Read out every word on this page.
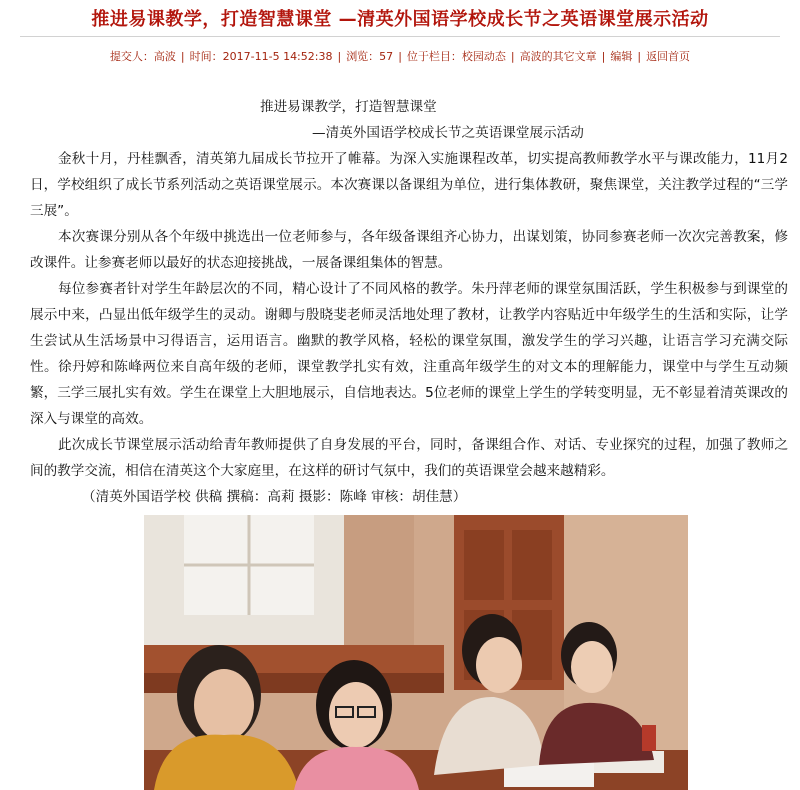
推进易课教学，打造智慧课堂 —清英外国语学校成长节之英语课堂展示活动
提交人：高波 | 时间：2017-11-5 14:52:38 | 浏览：57 | 位于栏目：校园动态 | 高波的其它文章 | 编辑 | 返回首页

推进易课教学，打造智慧课堂

—清英外国语学校成长节之英语课堂展示活动

金秋十月，丹桂飘香，清英第九届成长节拉开了帷幕。为深入实施课程改革，切实提高教师教学水平与课改能力，11月2日，学校组织了成长节系列活动之英语课堂展示。本次赛课以备课组为单位，进行集体教研，聚焦课堂，关注教学过程的“三学三展”。

本次赛课分别从各个年级中挑选出一位老师参与，各年级备课组齐心协力，出谋划策，协同参赛老师一次次完善教案，修改课件。让参赛老师以最好的状态迎接挑战，一展备课组集体的智慧。

每位参赛者针对学生年龄层次的不同，精心设计了不同风格的教学。朱丹萍老师的课堂氛围活跃，学生积极参与到课堂的展示中来，凸显出低年级学生的灵动。谢卿与殷晓斐老师灵活地处理了教材，让教学内容贴近中年级学生的生活和实际，让学生尝试从生活场景中习得语言，运用语言。幽默的教学风格，轻松的课堂氛围，激发学生的学习兴趣，让语言学习充满交际性。徐丹婷和陈峰两位来自高年级的老师，课堂教学扎实有效，注重高年级学生的对文本的理解能力，课堂中与学生互动频繁，三学三展扎实有效。学生在课堂上大胆地展示，自信地表达。5位老师的课堂上学生的学转变明显，无不彰显着清英课改的深入与课堂的高效。

此次成长节课堂展示活动给青年教师提供了自身发展的平台，同时，备课组合作、对话、专业探究的过程，加强了教师之间的教学交流，相信在清英这个大家庭里，在这样的研讨气氛中，我们的英语课堂会越来越精彩。

（清英外国语学校 供稿 撰稿：高莉 摄影：陈峰 审核：胡佳慧）
